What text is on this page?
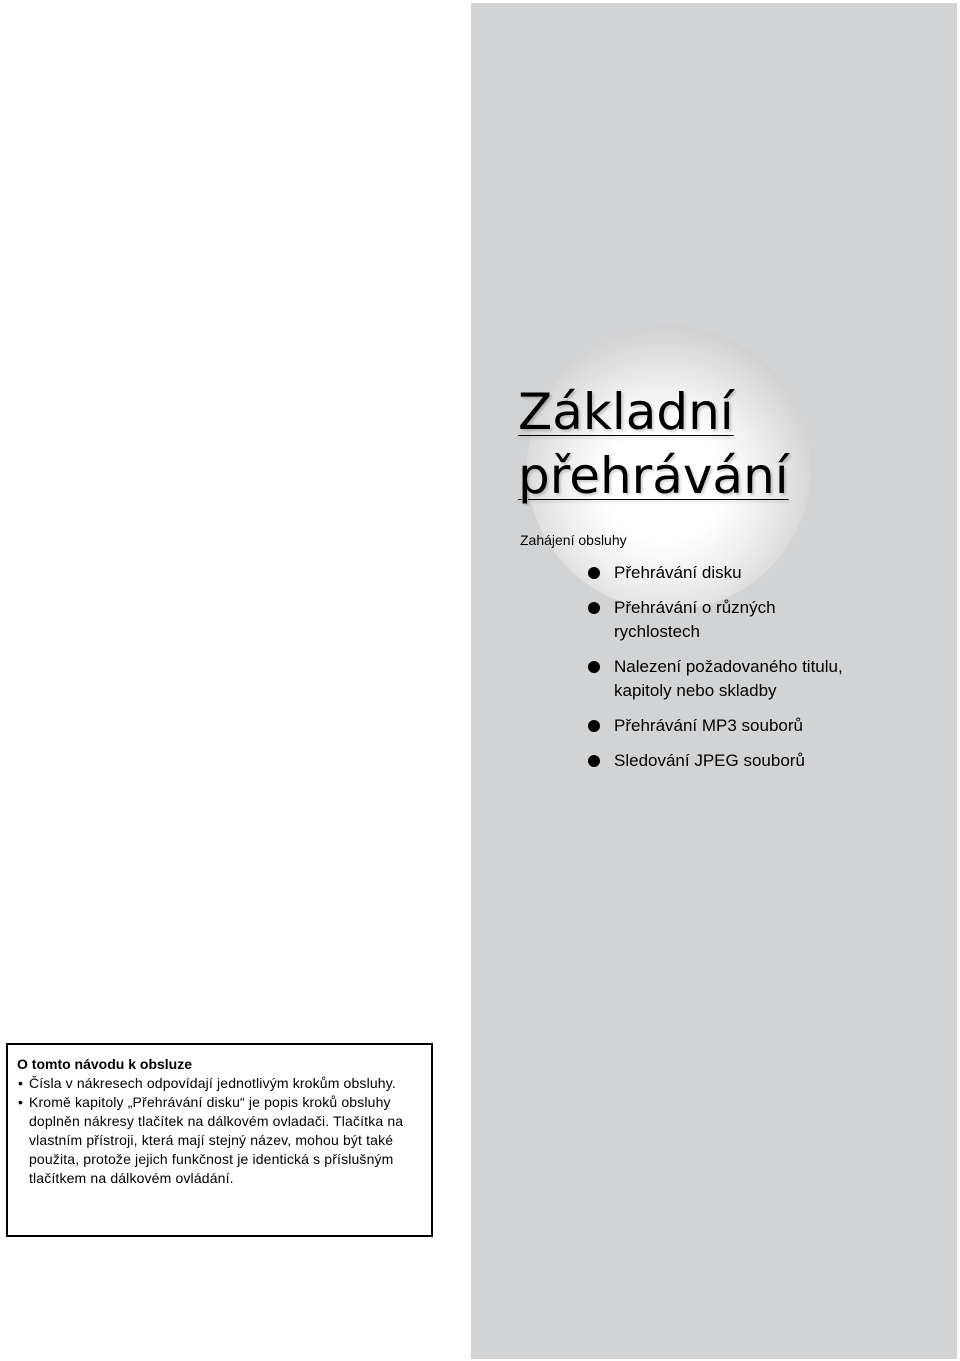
Základní
přehrávání
Zahájení obsluhy
Přehrávání disku
Přehrávání o různých
rychlostech
Nalezení požadovaného titulu,
kapitoly nebo skladby
Přehrávání MP3 souborů
Sledování JPEG souborů
O tomto návodu k obsluze
• Čísla v nákresech odpovídají jednotlivým krokům obsluhy.
• Kromě kapitoly „Přehrávání disku“ je popis kroků obsluhy doplněn nákresy tlačítek na dálkovém ovladači. Tlačítka na vlastním přístroji, která mají stejný název, mohou být také použita, protože jejich funkčnost je identická s příslušným tlačítkem na dálkovém ovládání.
